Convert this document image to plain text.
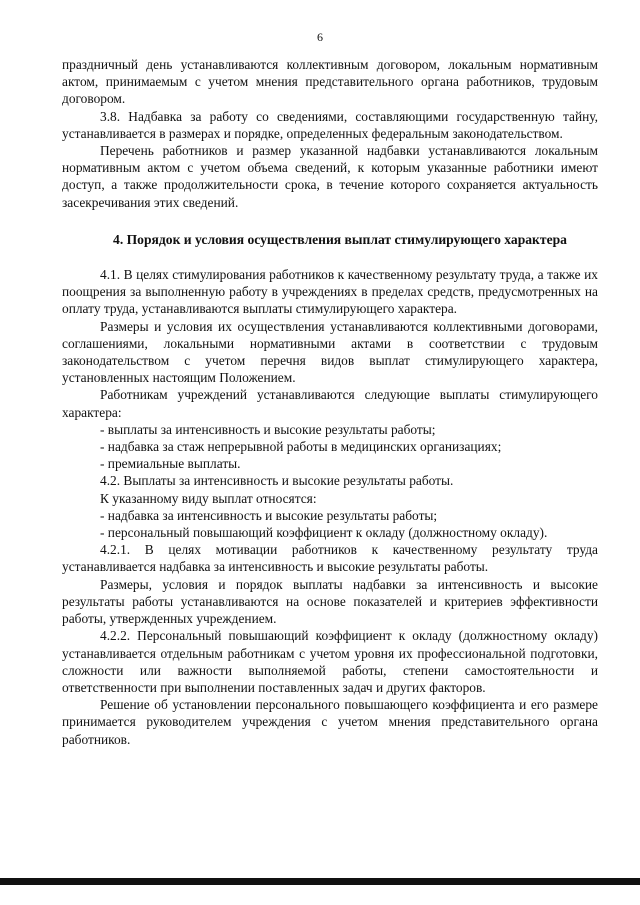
6

праздничный день устанавливаются коллективным договором, локальным нормативным актом, принимаемым с учетом мнения представительного органа работников, трудовым договором.

3.8. Надбавка за работу со сведениями, составляющими государственную тайну, устанавливается в размерах и порядке, определенных федеральным законодательством.

Перечень работников и размер указанной надбавки устанавливаются локальным нормативным актом с учетом объема сведений, к которым указанные работники имеют доступ, а также продолжительности срока, в течение которого сохраняется актуальность засекречивания этих сведений.

4. Порядок и условия осуществления выплат стимулирующего характера

4.1. В целях стимулирования работников к качественному результату труда, а также их поощрения за выполненную работу в учреждениях в пределах средств, предусмотренных на оплату труда, устанавливаются выплаты стимулирующего характера.

Размеры и условия их осуществления устанавливаются коллективными договорами, соглашениями, локальными нормативными актами в соответствии с трудовым законодательством с учетом перечня видов выплат стимулирующего характера, установленных настоящим Положением.

Работникам учреждений устанавливаются следующие выплаты стимулирующего характера:

- выплаты за интенсивность и высокие результаты работы;

- надбавка за стаж непрерывной работы в медицинских организациях;

- премиальные выплаты.

4.2. Выплаты за интенсивность и высокие результаты работы.

К указанному виду выплат относятся:

- надбавка за интенсивность и высокие результаты работы;

- персональный повышающий коэффициент к окладу (должностному окладу).

4.2.1. В целях мотивации работников к качественному результату труда устанавливается надбавка за интенсивность и высокие результаты работы.

Размеры, условия и порядок выплаты надбавки за интенсивность и высокие результаты работы устанавливаются на основе показателей и критериев эффективности работы, утвержденных учреждением.

4.2.2. Персональный повышающий коэффициент к окладу (должностному окладу) устанавливается отдельным работникам с учетом уровня их профессиональной подготовки, сложности или важности выполняемой работы, степени самостоятельности и ответственности при выполнении поставленных задач и других факторов.

Решение об установлении персонального повышающего коэффициента и его размере принимается руководителем учреждения с учетом мнения представительного органа работников.
